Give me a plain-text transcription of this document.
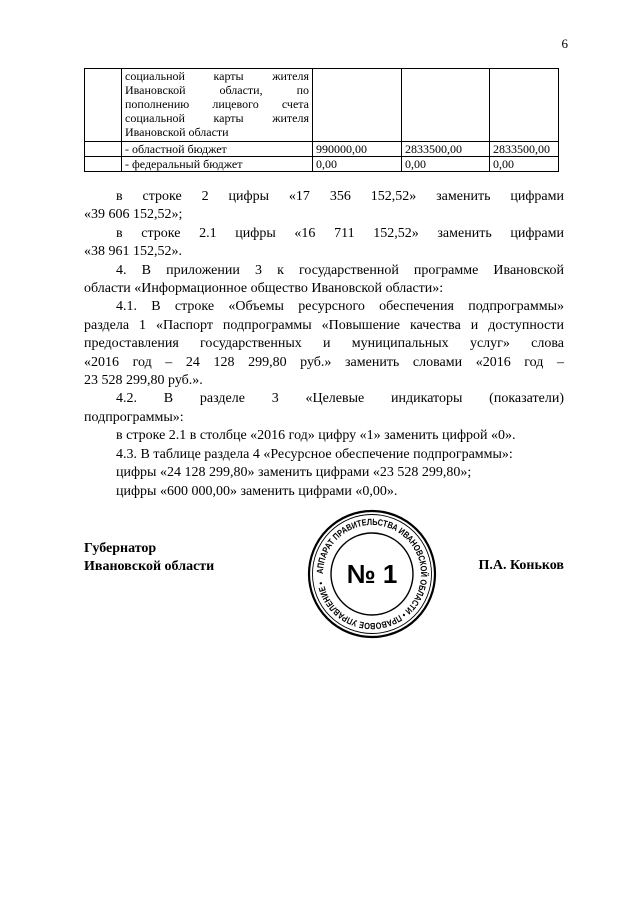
6

	социальной карты жителя
Ивановской области, по
пополнению лицевого счета
социальной карты жителя
Ивановской области			

	- областной бюджет	990000,00	2833500,00	2833500,00
	- федеральный бюджет	0,00	0,00	0,00
в строке 2 цифры «17 356 152,52» заменить цифрами
«39 606 152,52»;
в строке 2.1 цифры «16 711 152,52» заменить цифрами
«38 961 152,52».
4. В приложении 3 к государственной программе Ивановской
области «Информационное общество Ивановской области»:
4.1. В строке «Объемы ресурсного обеспечения подпрограммы»
раздела 1 «Паспорт подпрограммы «Повышение качества и доступности
предоставления государственных и муниципальных услуг» слова
«2016 год – 24 128 299,80 руб.» заменить словами «2016 год –
23 528 299,80 руб.».
4.2. В разделе 3 «Целевые индикаторы (показатели)
подпрограммы»:
в строке 2.1 в столбце «2016 год» цифру «1» заменить цифрой «0».
4.3. В таблице раздела 4 «Ресурсное обеспечение подпрограммы»:
цифры «24 128 299,80» заменить цифрами «23 528 299,80»;
цифры «600 000,00» заменить цифрами «0,00».
Губернатор
Ивановской области	АППАРАТ ПРАВИТЕЛЬСТВА ИВАНОВСКОЙ ОБЛАСТИ • ПРАВОВОЕ УПРАВЛЕНИЕ • № 1	П.А. Коньков
